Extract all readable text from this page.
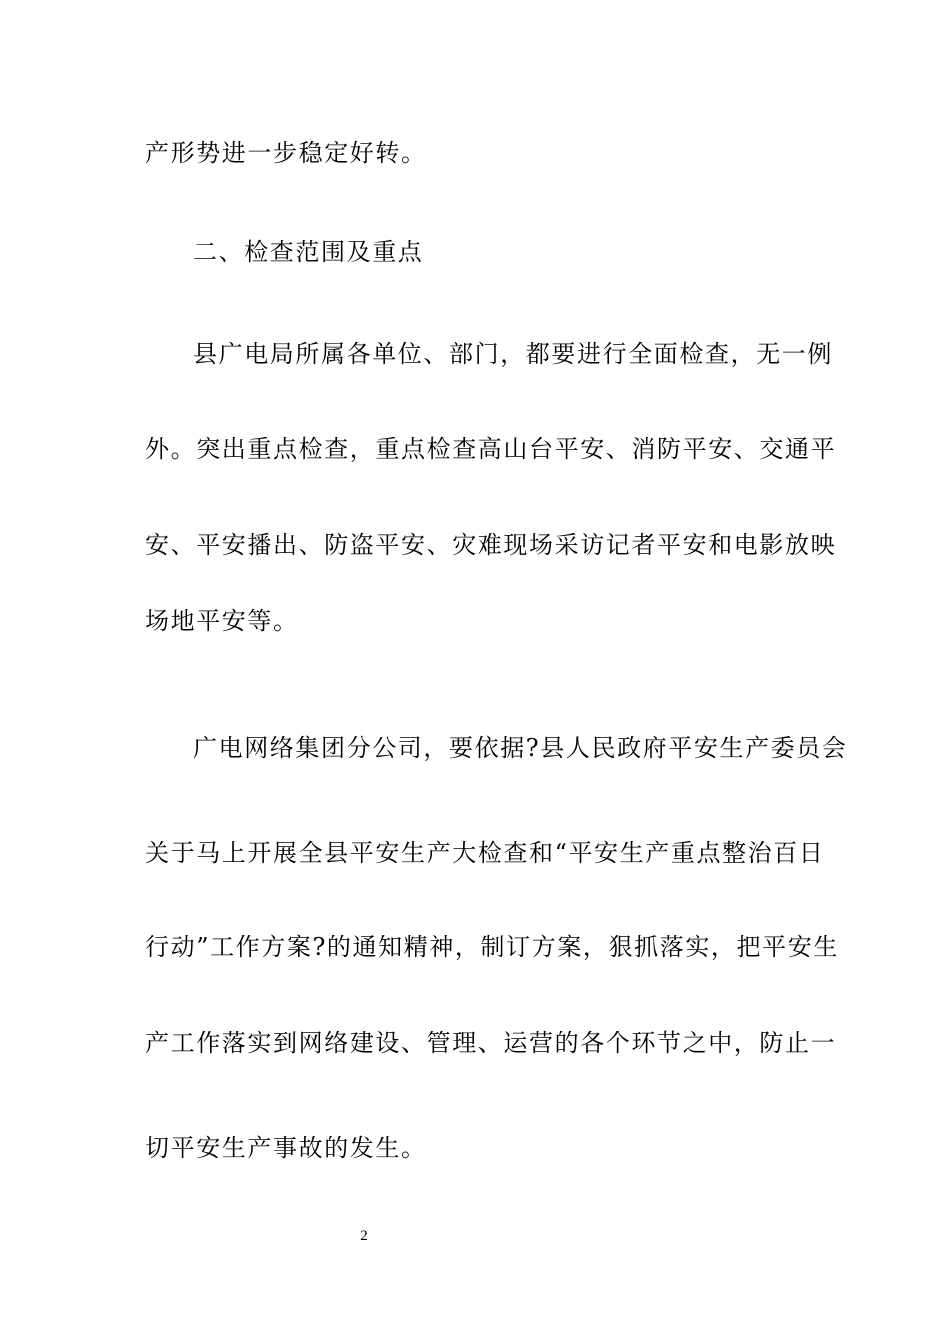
产形势进一步稳定好转。
二、检查范围及重点
县广电局所属各单位、部门，都要进行全面检查，无一例
外。突出重点检查，重点检查高山台平安、消防平安、交通平
安、平安播出、防盗平安、灾难现场采访记者平安和电影放映
场地平安等。
广电网络集团分公司，要依据?县人民政府平安生产委员会
关于马上开展全县平安生产大检查和“平安生产重点整治百日
行动”工作方案?的通知精神，制订方案，狠抓落实，把平安生
产工作落实到网络建设、管理、运营的各个环节之中，防止一
切平安生产事故的发生。
2
